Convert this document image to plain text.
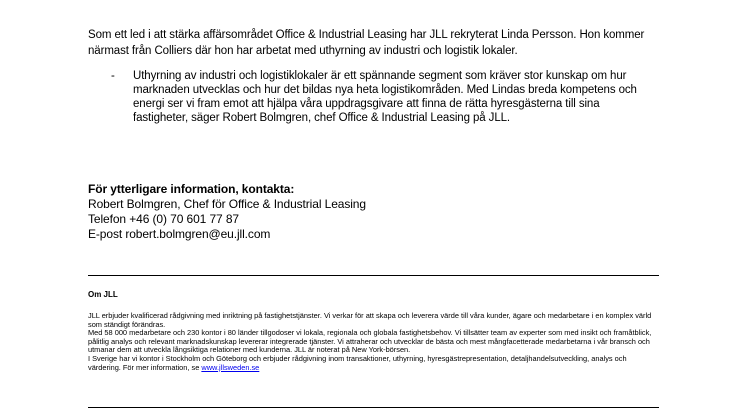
Som ett led i att stärka affärsområdet Office & Industrial Leasing har JLL rekryterat Linda Persson. Hon kommer närmast från Colliers där hon har arbetat med uthyrning av industri och logistik lokaler.

- Uthyrning av industri och logistiklokaler är ett spännande segment som kräver stor kunskap om hur marknaden utvecklas och hur det bildas nya heta logistikområden. Med Lindas breda kompetens och energi ser vi fram emot att hjälpa våra uppdragsgivare att finna de rätta hyresgästerna till sina fastigheter, säger Robert Bolmgren, chef Office & Industrial Leasing på JLL.

För ytterligare information, kontakta:
Robert Bolmgren, Chef för Office & Industrial Leasing
Telefon +46 (0) 70 601 77 87
E-post robert.bolmgren@eu.jll.com
Om JLL
JLL erbjuder kvalificerad rådgivning med inriktning på fastighetstjänster. Vi verkar för att skapa och leverera värde till våra kunder, ägare och medarbetare i en komplex värld som ständigt förändras.
Med 58 000 medarbetare och 230 kontor i 80 länder tillgodoser vi lokala, regionala och globala fastighetsbehov. Vi tillsätter team av experter som med insikt och framåtblick, pålitlig analys och relevant marknadskunskap levererar integrerade tjänster. Vi attraherar och utvecklar de bästa och mest mångfacetterade medarbetarna i vår bransch och utmanar dem att utveckla långsiktiga relationer med kunderna. JLL är noterat på New York-börsen.
I Sverige har vi kontor i Stockholm och Göteborg och erbjuder rådgivning inom transaktioner, uthyrning, hyresgästrepresentation, detaljhandelsutveckling, analys och värdering. För mer information, se www.jllsweden.se
